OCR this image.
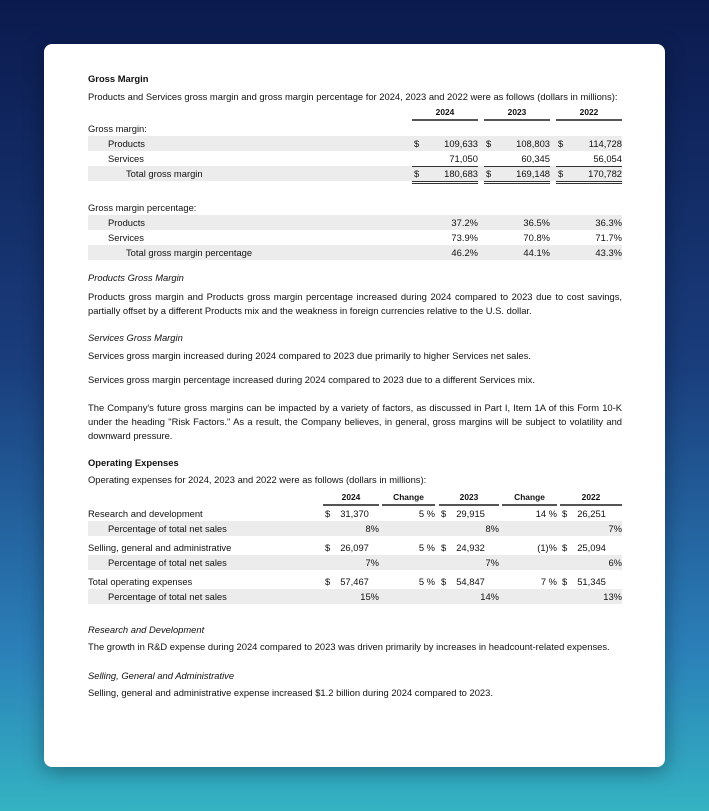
Gross Margin
Products and Services gross margin and gross margin percentage for 2024, 2023 and 2022 were as follows (dollars in millions):
2024	2023	2022
Gross margin:
Products	$	109,633 $	108,803 $	114,728
Services	71,050	60,345	56,054
Total gross margin	$	180,683 $	169,148 $	170,782
Gross margin percentage:
Products	37.2%	36.5%	36.3%
Services	73.9%	70.8%	71.7%
Total gross margin percentage	46.2%	44.1%	43.3%
Products Gross Margin
Products gross margin and Products gross margin percentage increased during 2024 compared to 2023 due to cost savings, partially offset by a different Products mix and the weakness in foreign currencies relative to the U.S. dollar.
Services Gross Margin
Services gross margin increased during 2024 compared to 2023 due primarily to higher Services net sales.
Services gross margin percentage increased during 2024 compared to 2023 due to a different Services mix.
The Company's future gross margins can be impacted by a variety of factors, as discussed in Part I, Item 1A of this Form 10-K under the heading "Risk Factors." As a result, the Company believes, in general, gross margins will be subject to volatility and downward pressure.
Operating Expenses
Operating expenses for 2024, 2023 and 2022 were as follows (dollars in millions):
2024	Change	2023	Change	2022
Research and development	$ 31,370	5 % $ 29,915	14 % $ 26,251
Percentage of total net sales	8%	8%	7%
Selling, general and administrative	$ 26,097	5 % $ 24,932	(1)% $ 25,094
Percentage of total net sales	7%	7%	6%
Total operating expenses	$ 57,467	5 % $ 54,847	7 % $ 51,345
Percentage of total net sales	15%	14%	13%
Research and Development
The growth in R&D expense during 2024 compared to 2023 was driven primarily by increases in headcount-related expenses.
Selling, General and Administrative
Selling, general and administrative expense increased $1.2 billion during 2024 compared to 2023.
